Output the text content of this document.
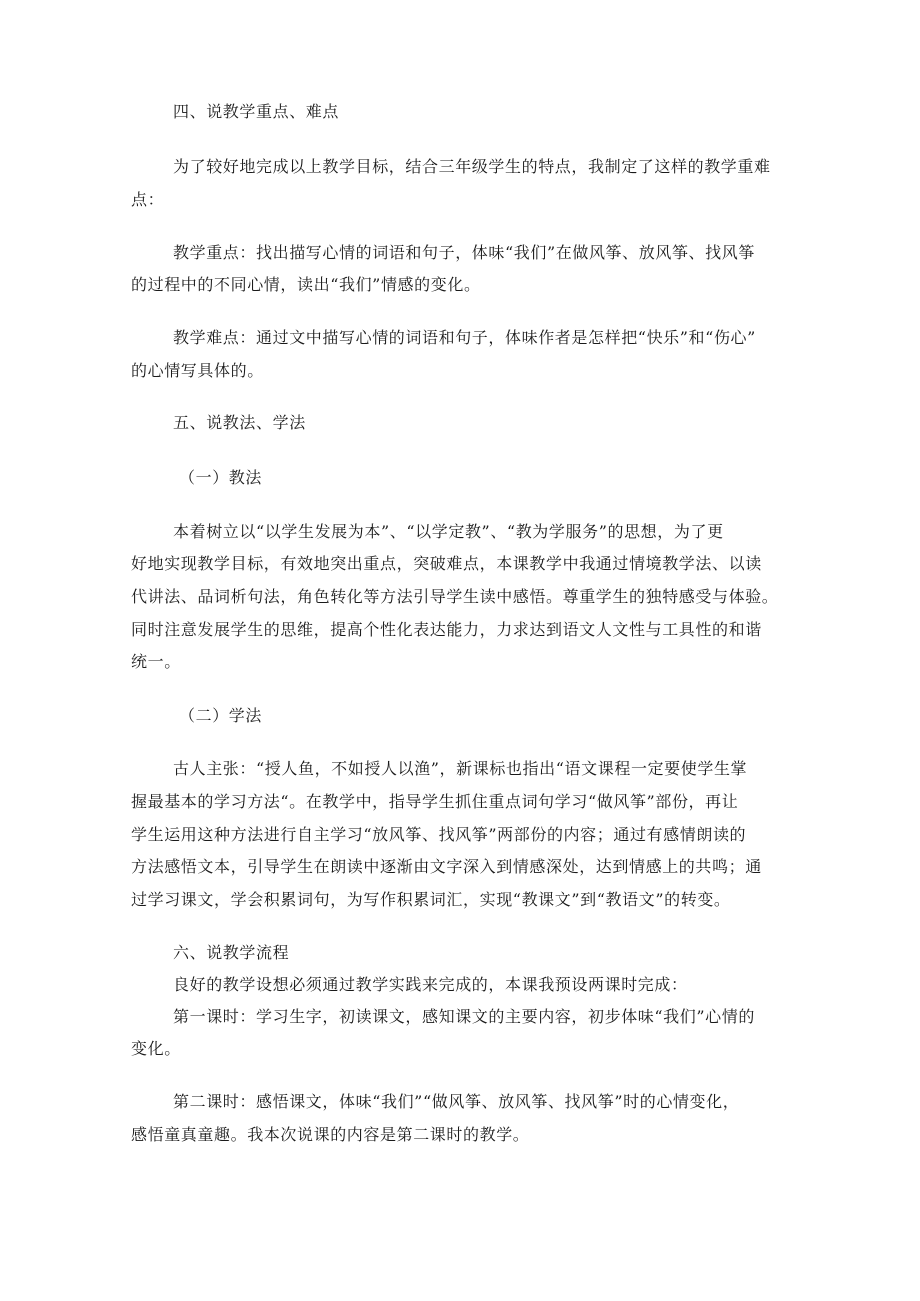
四、说教学重点、难点
为了较好地完成以上教学目标，结合三年级学生的特点，我制定了这样的教学重难
点：
教学重点：找出描写心情的词语和句子，体味“我们”在做风筝、放风筝、找风筝
的过程中的不同心情，读出“我们”情感的变化。
教学难点：通过文中描写心情的词语和句子，体味作者是怎样把“快乐”和“伤心”
的心情写具体的。
五、说教法、学法
（一）教法
本着树立以“以学生发展为本”、“以学定教”、“教为学服务”的思想，为了更
好地实现教学目标，有效地突出重点，突破难点，本课教学中我通过情境教学法、以读
代讲法、品词析句法，角色转化等方法引导学生读中感悟。尊重学生的独特感受与体验。
同时注意发展学生的思维，提高个性化表达能力，力求达到语文人文性与工具性的和谐
统一。
（二）学法
古人主张：“授人鱼，不如授人以渔”，新课标也指出“语文课程一定要使学生掌
握最基本的学习方法“。在教学中，指导学生抓住重点词句学习“做风筝”部份，再让
学生运用这种方法进行自主学习“放风筝、找风筝”两部份的内容；通过有感情朗读的
方法感悟文本，引导学生在朗读中逐渐由文字深入到情感深处，达到情感上的共鸣；通
过学习课文，学会积累词句，为写作积累词汇，实现“教课文”到“教语文”的转变。
六、说教学流程
良好的教学设想必须通过教学实践来完成的，本课我预设两课时完成：
第一课时：学习生字，初读课文，感知课文的主要内容，初步体味“我们”心情的
变化。
第二课时：感悟课文，体味“我们”“做风筝、放风筝、找风筝”时的心情变化，
感悟童真童趣。我本次说课的内容是第二课时的教学。
